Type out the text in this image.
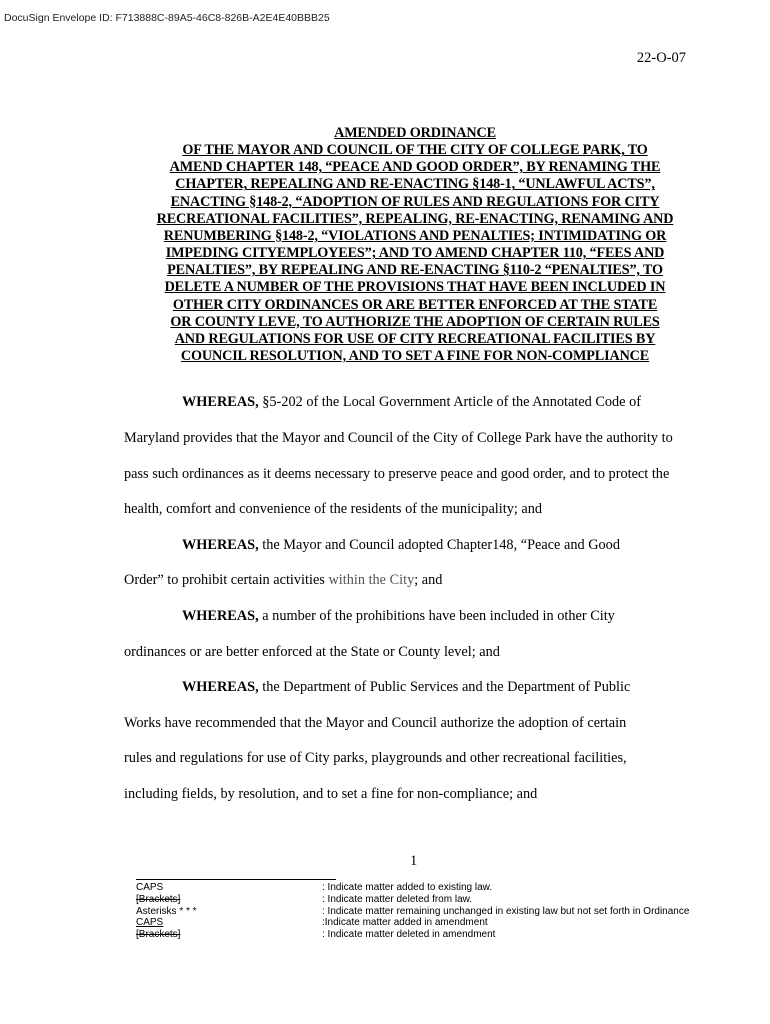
DocuSign Envelope ID: F713888C-89A5-46C8-826B-A2E4E40BBB25
22-O-07
AMENDED ORDINANCE
OF THE MAYOR AND COUNCIL OF THE CITY OF COLLEGE PARK, TO
AMEND CHAPTER 148, “PEACE AND GOOD ORDER”, BY RENAMING THE
CHAPTER, REPEALING AND RE-ENACTING §148-1, “UNLAWFUL ACTS”,
ENACTING §148-2, “ADOPTION OF RULES AND REGULATIONS FOR CITY
RECREATIONAL FACILITIES”, REPEALING, RE-ENACTING, RENAMING AND
RENUMBERING §148-2, “VIOLATIONS AND PENALTIES; INTIMIDATING OR
IMPEDING CITYEMPLOYEES”; AND TO AMEND CHAPTER 110, “FEES AND
PENALTIES”, BY REPEALING AND RE-ENACTING §110-2 “PENALTIES”, TO
DELETE A NUMBER OF THE PROVISIONS THAT HAVE BEEN INCLUDED IN
OTHER CITY ORDINANCES OR ARE BETTER ENFORCED AT THE STATE
OR COUNTY LEVE, TO AUTHORIZE THE ADOPTION OF CERTAIN RULES
AND REGULATIONS FOR USE OF CITY RECREATIONAL FACILITIES BY
COUNCIL RESOLUTION, AND TO SET A FINE FOR NON-COMPLIANCE
WHEREAS, §5-202 of the Local Government Article of the Annotated Code of
Maryland provides that the Mayor and Council of the City of College Park have the authority to
pass such ordinances as it deems necessary to preserve peace and good order, and to protect the
health, comfort and convenience of the residents of the municipality; and
WHEREAS, the Mayor and Council adopted Chapter148, “Peace and Good
Order” to prohibit certain activities within the City; and
WHEREAS, a number of the prohibitions have been included in other City
ordinances or are better enforced at the State or County level; and
WHEREAS, the Department of Public Services and the Department of Public
Works have recommended that the Mayor and Council authorize the adoption of certain
rules and regulations for use of City parks, playgrounds and other recreational facilities,
including fields, by resolution, and to set a fine for non-compliance; and
1
CAPS	: Indicate matter added to existing law.
[Brackets]	: Indicate matter deleted from law.
Asterisks * * *	: Indicate matter remaining unchanged in existing law but not set forth in Ordinance
CAPS	:Indicate matter added in amendment
[Brackets]	: Indicate matter deleted in amendment
